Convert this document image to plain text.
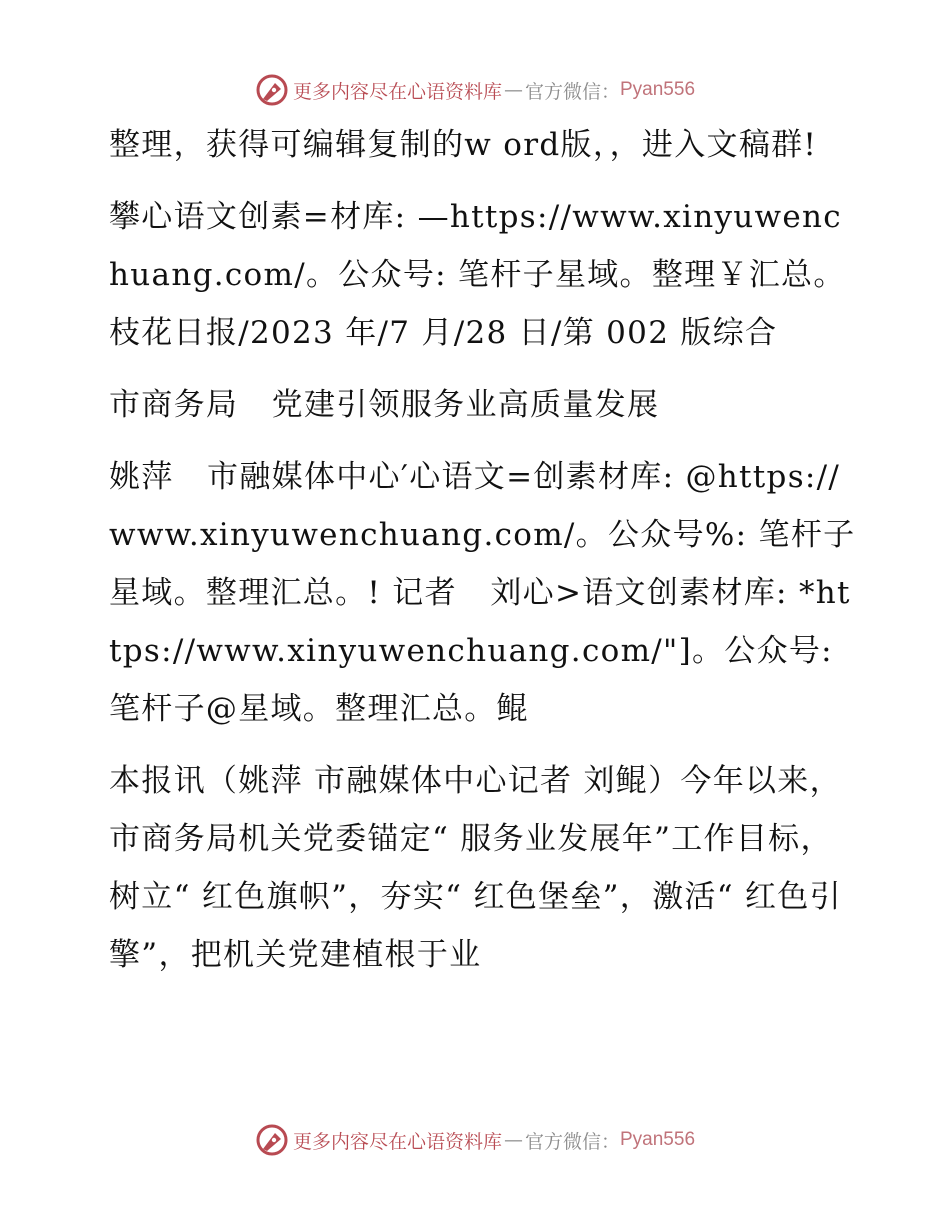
更多内容尽在心语资料库 — 官方微信： Pyan556

整理，获得可编辑复制的w ord版，，进入文稿群!

攀心语文创素=材库: —https://www.xinyuwenchuang.com/。公众号: 笔杆子星域。整理￥汇总。枝花日报/2023 年/7 月/28 日/第 002 版综合

市商务局   党建引领服务业高质量发展

姚萍   市融媒体中心′心语文=创素材库: @https://www.xinyuwenchuang.com/。公众号%: 笔杆子星域。整理汇总。! 记者   刘心>语文创素材库: *https://www.xinyuwenchuang.com/"]。公众号: 笔杆子@星域。整理汇总。鲲

本报讯（姚萍 市融媒体中心记者 刘鲲）今年以来，市商务局机关党委锚定“ 服务业发展年”工作目标，树立“ 红色旗帜”，夯实“ 红色堡垒”，激活“ 红色引擎”，把机关党建植根于业

更多内容尽在心语资料库 — 官方微信： Pyan556
